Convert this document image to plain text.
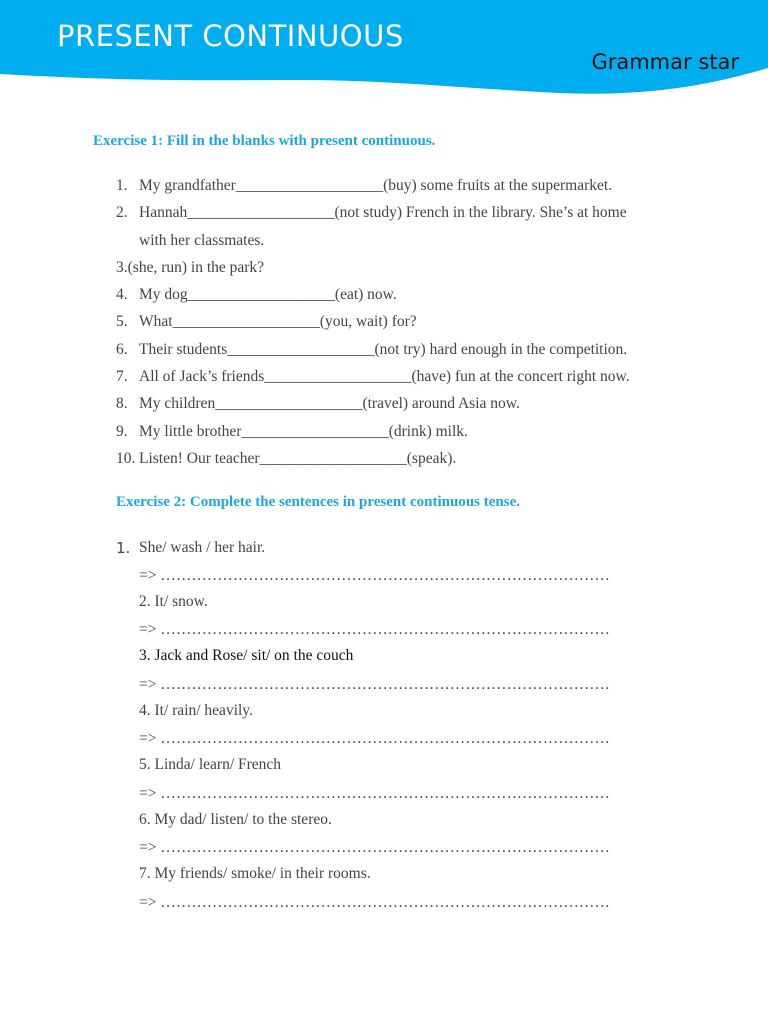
PRESENT CONTINUOUS
Grammar star
Exercise 1: Fill in the blanks with present continuous.
1. My grandfather___________________(buy) some fruits at the supermarket.
2. Hannah___________________(not study) French in the library. She’s at home
with her classmates.
3.(she, run) in the park?
4. My dog___________________(eat) now.
5. What___________________(you, wait) for?
6. Their students___________________(not try) hard enough in the competition.
7. All of Jack’s friends___________________(have) fun at the concert right now.
8. My children___________________(travel) around Asia now.
9. My little brother___________________(drink) milk.
10. Listen! Our teacher___________________(speak).
Exercise 2: Complete the sentences in present continuous tense.
1. She/ wash / her hair.
=> ……………………………………………………………………………
2. It/ snow.
=> ……………………………………………………………………………
3. Jack and Rose/ sit/ on the couch
=> ……………………………………………………………………………
4. It/ rain/ heavily.
=> ……………………………………………………………………………
5. Linda/ learn/ French
=> ……………………………………………………………………………
6. My dad/ listen/ to the stereo.
=> ……………………………………………………………………………
7. My friends/ smoke/ in their rooms.
=> ……………………………………………………………………………
